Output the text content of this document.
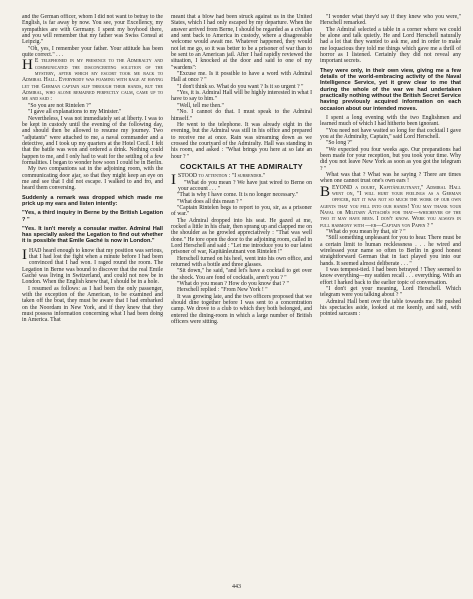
and the German officer, whom I did not want to betray to the English, is far away by now. You see, your Excellency, my sympathies are with Germany. I spent my boyhood there, and you will remember that my father was Swiss Consul at Leipzig."

"Oh, yes, I remember your father. Your attitude has been quite correct." . . .

H E telephoned in my presence to the Admiralty and communicated the disconcerting solution of the mystery, after which my escort took me back to Admiral Hall. Everybody was foaming with rage at having let the German captain slip through their hands, but the Admiral, who alone remained perfectly calm, came up to me and said :

"So you are not Rintelen ?"

"I gave all explanations to my Minister."

Nevertheless, I was not immediately set at liberty. I was to be kept in custody until the evening of the following day, and should then be allowed to resume my journey. Two "adjutants" were attached to me, a naval commander and a detective, and I took up my quarters at the Hotel Cecil. I felt that the battle was won and ordered a drink. Nothing could happen to me, and I only had to wait for the settling of a few formalities. I began to wonder how soon I could be in Berlin.

My two companions sat in the adjoining room, with the communicating door ajar, so that they might keep an eye on me and see that I did not escape. I walked to and fro, and heard them conversing.

Suddenly a remark was dropped which made me prick up my ears and listen intently:

"Yes, a third inquiry in Berne by the British Legation ? "

"Yes. It isn't merely a consular matter. Admiral Hall has specially asked the Legation to find out whether it is possible that Emile Gaché is now in London."

IHAD heard enough to know that my position was serious, that I had lost the fight when a minute before I had been convinced that I had won. I raged round the room. The Legation in Berne was bound to discover that the real Emile Gaché was living in Switzerland, and could not now be in London. When the English knew that, I should be in a hole.

I resumed as follows: as I had been the only passenger, with the exception of the American, to be examined and taken off the boat, they must be aware that I had embarked on the Noordam in New York, and if they knew that they must possess information concerning what I had been doing in America. That

meant that a blow had been struck against us in the United States, which I had only escaped by my departure. When the answer arrived from Berne, I should be regarded as a civilian and sent back to America in custody, where a disagreeable welcome would await me. Whatever happened, they would not let me go, so it was better to be a prisoner of war than to be sent to an American jail. After I had rapidly reviewed the situation, I knocked at the door and said to one of my "wardens":

"Excuse me. Is it possible to have a word with Admiral Hall at once ? "

"I don't think so. What do you want ? Is it so urgent ? "

"Yes, it is. Admiral Hall will be highly interested in what I have to say to him."

"Well, tell me then."

"No. I cannot do that. I must speak to the Admiral himself."

He went to the telephone. It was already eight in the evening, but the Admiral was still in his office and prepared to receive me at once. Rain was streaming down as we crossed the courtyard of the Admiralty. Hall was standing in his room, and asked : "What brings you here at so late an hour ? "

COCKTAILS AT THE ADMIRALTY

ISTOOD to attention : "I surrender."

"What do you mean ? We have just wired to Berne on your account . . . "

"That is why I have come. It is no longer necessary."

"What does all this mean ? "

"Captain Rintelen begs to report to you, sir, as a prisoner of war."

The Admiral dropped into his seat. He gazed at me, rocked a little in his chair, then sprang up and clapped me on the shoulder as he growled appreciatively : "That was well done." He tore open the door to the adjoining room, called in Lord Herschell and said : "Let me introduce you to our latest prisoner of war, Kapitänleutnant von Rintelen !"

Herschell turned on his heel, went into his own office, and returned with a bottle and three glasses.

"Sit down," he said, "and let's have a cocktail to get over the shock. You are fond of cocktails, aren't you ? "

"What do you mean ? How do you know that ? "

Herschell replied : "From New York ! "

It was growing late, and the two officers proposed that we should dine together before I was sent to a concentration camp. We drove to a club to which they both belonged, and entered the dining-room in which a large number of British officers were sitting.

"I wonder what they'd say if they knew who you were," Herschell remarked.

The Admiral selected a table in a corner where we could be alone and talk quietly. He and Lord Herschell naturally had a lot that they wanted to ask me, and in order to make me loquacious they told me things which gave me a thrill of horror as I listened. Certainly they did not reveal any important secrets.

They were only, in their own view, giving me a few details of the world-embracing activity of the Naval Intelligence Service, yet it grew clear to me that during the whole of the war we had undertaken practically nothing without the British Secret Service having previously acquired information on each occasion about our intended moves.

I spent a long evening with the two Englishmen and learned much of which I had hitherto been ignorant.

"You need not have waited so long for that cocktail I gave you at the Admiralty, Captain," said Lord Herschell.

"So long ?"

"We expected you four weeks ago. Our preparations had been made for your reception, but you took your time. Why did you not leave New York as soon as you got the telegram ? "

What was that ? What was he saying ? There are times when one cannot trust one's own ears !

BEYOND a doubt, Kapitänleutnant," Admiral Hall went on, "I will hurt your feelings as a German officer, but it was not so much the work of our own agents that you fell into our hands! You may thank your Naval or Military Attachés for that—whichever of the two it may have been. I don't know. Were you always in full harmony with —er—Captain von Papen ? "

"What do you mean by that, sir ? "

"Still something unpleasant for you to hear. There must be a certain limit to human recklessness . . . he wired and wirelessed your name so often to Berlin in good honest straightforward German that in fact played you into our hands. It seemed almost deliberate . . . "

I was tempest-tied. I had been betrayed ! They seemed to know everything—my sudden recall . . . everything. With an effort I harked back to the earlier topic of conversation.

"I don't get your meaning, Lord Herschell. Which telegram were you talking about ? "

Admiral Hall bent over the table towards me. He pushed his spectacles aside, looked at me keenly, and said, with pointed sarcasm :

443
